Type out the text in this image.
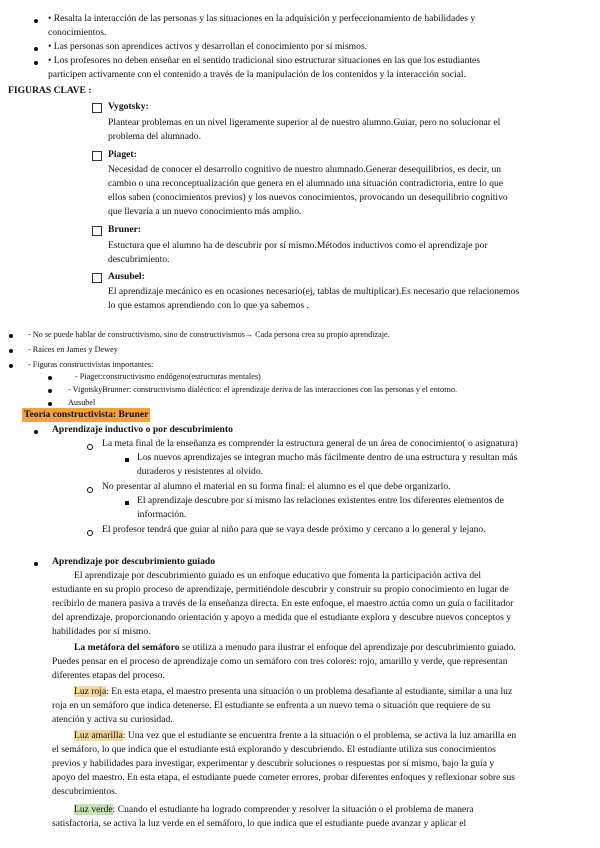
• Resalta la interacción de las personas y las situaciones en la adquisición y perfeccionamiento de habilidades y

conocimientos.

• Las personas son aprendices activos y desarrollan el conocimiento por sí mismos.

• Los profesores no deben enseñar en el sentido tradicional sino estructurar situaciones en las que los estudiantes

participen activamente con el contenido a través de la manipulación de los contenidos y la interacción social.

FIGURAS CLAVE :

Vygotsky:

Plantear problemas en un nivel ligeramente superior al de nuestro alumno.Guiar, pero no solucionar el

problema del alumnado.

Piaget:

Necesidad de conocer el desarrollo cognitivo de nuestro alumnado.Generar desequilibrios, es decir, un

cambio o una reconceptualización que genera en el alumnado una situación contradictoria, entre lo que

ellos saben (conocimientos previos) y los nuevos conocimientos, provocando un desequilibrio cognitivo

que llevaría a un nuevo conocimiento más amplio.

Bruner:

Estuctura que el alumno ha de descubrir por sí mismo.Métodos inductivos como el aprendizaje por

descubrimiento.

Ausubel:

El aprendizaje mecánico es en ocasiones necesario(ej, tablas de multiplicar).Es necesario que relacionemos

lo que estamos aprendiendo con lo que ya sabemos .

- No se puede hablar de constructivismo, sino de constructivismos→ Cada persona crea su propio aprendizaje.

- Raíces en James y Dewey

- Figuras constructivistas importantes:

- Piaget:constructivismo endógeno(estructuras mentales)

- VigotskyBrunner: constructivismo dialéctico: el aprendizaje deriva de las interacciones con las personas y el entorno.

Ausubel

Teoría constructivista: Bruner

Aprendizaje inductivo o por descubrimiento

La meta final de la enseñanza es comprender la estructura general de un área de conocimiento( o asignatura)

Los nuevos aprendizajes se integran mucho más fácilmente dentro de una estructura y resultan más

duraderos y resistentes al olvido.

No presentar al alumno el material en su forma final: el alumno es el que debe organizarlo.

El aprendizaje descubre por sí mismo las relaciones existentes entre los diferentes elementos de

información.

El profesor tendrá que guiar al niño para que se vaya desde próximo y cercano a lo general y lejano.

Aprendizaje por descubrimiento guiado

El aprendizaje por descubrimiento guiado es un enfoque educativo que fomenta la participación activa del

estudiante en su propio proceso de aprendizaje, permitiéndole descubrir y construir su propio conocimiento en lugar de

recibirlo de manera pasiva a través de la enseñanza directa. En este enfoque, el maestro actúa como un guía o facilitador

del aprendizaje, proporcionando orientación y apoyo a medida que el estudiante explora y descubre nuevos conceptos y

habilidades por sí mismo.

La metáfora del semáforo se utiliza a menudo para ilustrar el enfoque del aprendizaje por descubrimiento guiado.

Puedes pensar en el proceso de aprendizaje como un semáforo con tres colores: rojo, amarillo y verde, que representan

diferentes etapas del proceso.

Luz roja: En esta etapa, el maestro presenta una situación o un problema desafiante al estudiante, similar a una luz

roja en un semáforo que indica detenerse. El estudiante se enfrenta a un nuevo tema o situación que requiere de su

atención y activa su curiosidad.

Luz amarilla: Una vez que el estudiante se encuentra frente a la situación o el problema, se activa la luz amarilla en

el semáforo, lo que indica que el estudiante está explorando y descubriendo. El estudiante utiliza sus conocimientos

previos y habilidades para investigar, experimentar y descubrir soluciones o respuestas por sí mismo, bajo la guía y

apoyo del maestro. En esta etapa, el estudiante puede cometer errores, probar diferentes enfoques y reflexionar sobre sus

descubrimientos.

Luz verde: Cuando el estudiante ha logrado comprender y resolver la situación o el problema de manera

satisfactoria, se activa la luz verde en el semáforo, lo que indica que el estudiante puede avanzar y aplicar el
